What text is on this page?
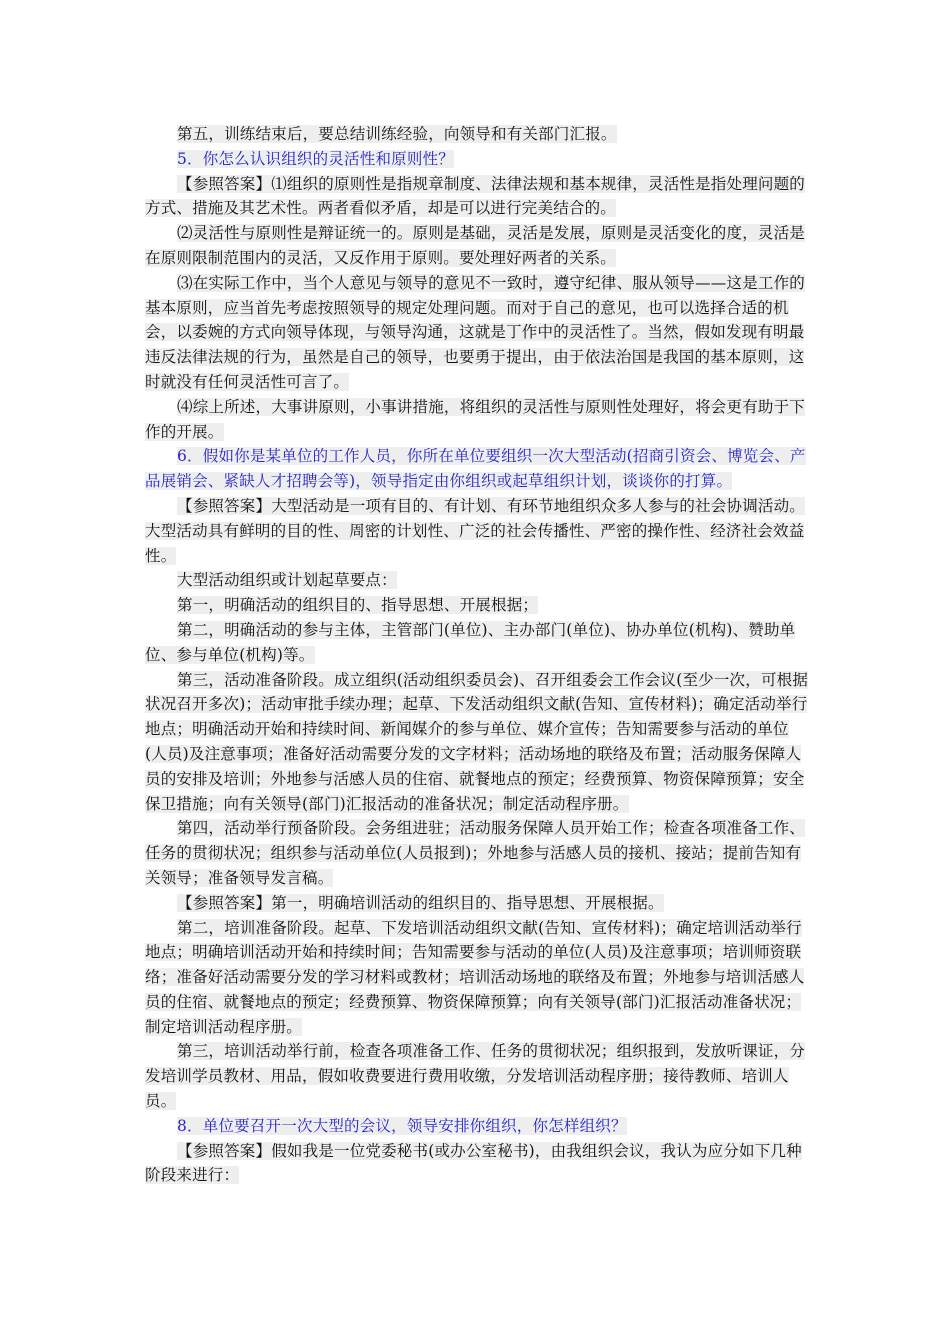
第五，训练结束后，要总结训练经验，向领导和有关部门汇报。
5．你怎么认识组织的灵活性和原则性？
【参照答案】⑴组织的原则性是指规章制度、法律法规和基本规律，灵活性是指处理问题的方式、措施及其艺术性。两者看似矛盾，却是可以进行完美结合的。
⑵灵活性与原则性是辩证统一的。原则是基础，灵活是发展，原则是灵活变化的度，灵活是在原则限制范围内的灵活，又反作用于原则。要处理好两者的关系。
⑶在实际工作中，当个人意见与领导的意见不一致时，遵守纪律、服从领导——这是工作的基本原则，应当首先考虑按照领导的规定处理问题。而对于自己的意见，也可以选择合适的机会，以委婉的方式向领导体现，与领导沟通，这就是丁作中的灵活性了。当然，假如发现有明最违反法律法规的行为，虽然是自己的领导，也要勇于提出，由于依法治国是我国的基本原则，这时就没有任何灵活性可言了。
⑷综上所述，大事讲原则，小事讲措施，将组织的灵活性与原则性处理好，将会更有助于下作的开展。
6．假如你是某单位的工作人员，你所在单位要组织一次大型活动(招商引资会、博览会、产品展销会、紧缺人才招聘会等)，领导指定由你组织或起草组织计划，谈谈你的打算。
【参照答案】大型活动是一项有目的、有计划、有环节地组织众多人参与的社会协调活动。大型活动具有鲜明的目的性、周密的计划性、广泛的社会传播性、严密的操作性、经济社会效益性。
大型活动组织或计划起草要点：
第一，明确活动的组织目的、指导思想、开展根据；
第二，明确活动的参与主体，主管部门(单位)、主办部门(单位)、协办单位(机构)、赞助单位、参与单位(机构)等。
第三，活动准备阶段。成立组织(活动组织委员会)、召开组委会工作会议(至少一次，可根据状况召开多次)；活动审批手续办理；起草、下发活动组织文献(告知、宣传材料)；确定活动举行地点；明确活动开始和持续时间、新闻媒介的参与单位、媒介宣传；告知需要参与活动的单位(人员)及注意事项；准备好活动需要分发的文字材料；活动场地的联络及布置；活动服务保障人员的安排及培训；外地参与活感人员的住宿、就餐地点的预定；经费预算、物资保障预算；安全保卫措施；向有关领导(部门)汇报活动的准备状况；制定活动程序册。
第四，活动举行预备阶段。会务组进驻；活动服务保障人员开始工作；检查各项准备工作、任务的贯彻状况；组织参与活动单位(人员报到)；外地参与活感人员的接机、接站；提前告知有关领导；准备领导发言稿。
【参照答案】第一，明确培训活动的组织目的、指导思想、开展根据。
第二，培训准备阶段。起草、下发培训活动组织文献(告知、宣传材料)；确定培训活动举行地点；明确培训活动开始和持续时间；告知需要参与活动的单位(人员)及注意事项；培训师资联络；准备好活动需要分发的学习材料或教材；培训活动场地的联络及布置；外地参与培训活感人员的住宿、就餐地点的预定；经费预算、物资保障预算；向有关领导(部门)汇报活动准备状况；制定培训活动程序册。
第三，培训活动举行前，检查各项准备工作、任务的贯彻状况；组织报到，发放听课证，分发培训学员教材、用品，假如收费要进行费用收缴，分发培训活动程序册；接待教师、培训人员。
8．单位要召开一次大型的会议，领导安排你组织，你怎样组织？
【参照答案】假如我是一位党委秘书(或办公室秘书)，由我组织会议，我认为应分如下几种阶段来进行：
